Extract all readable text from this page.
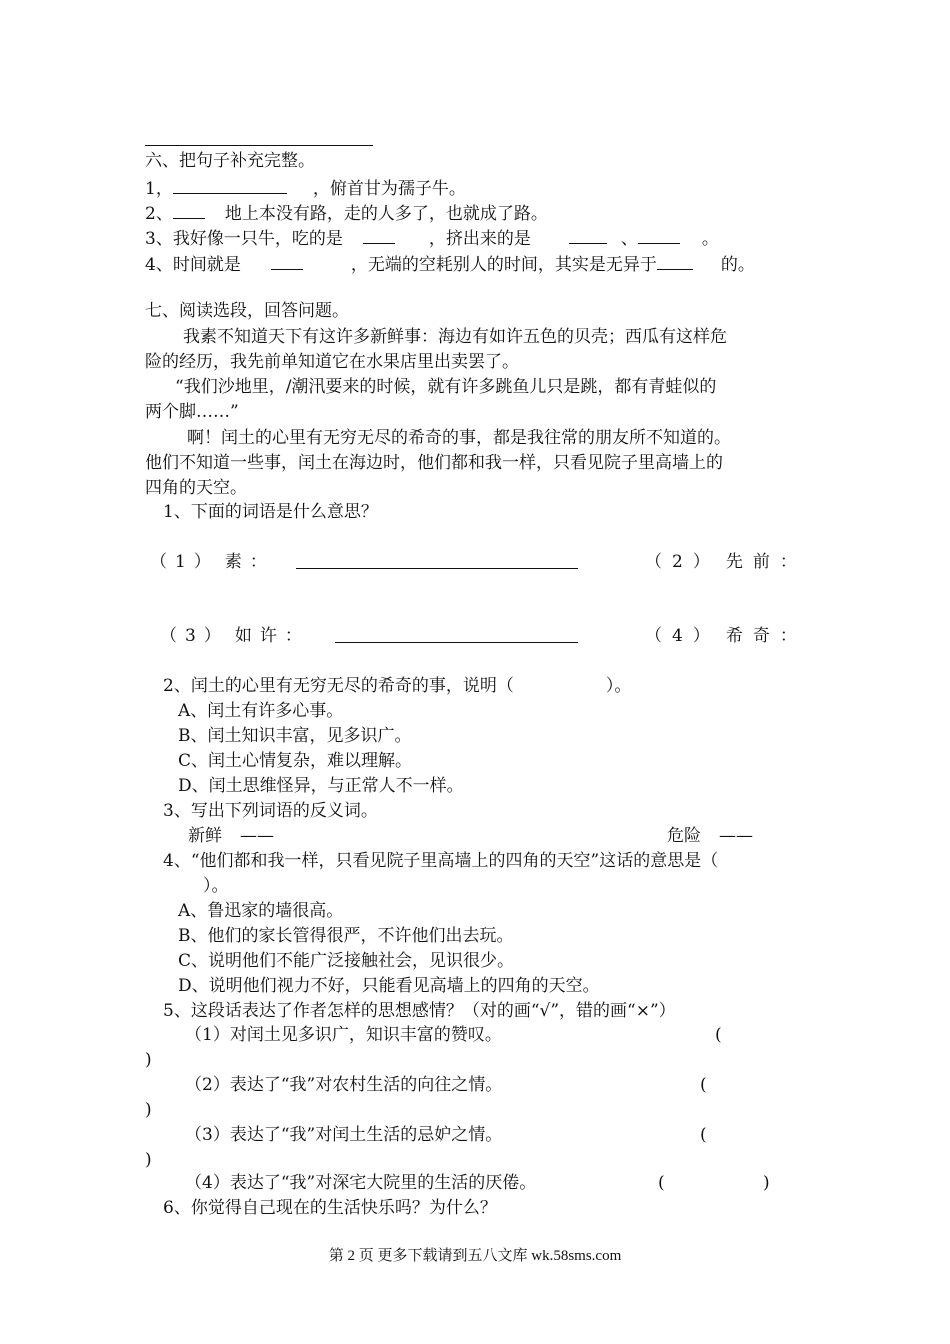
六、把句子补充完整。
1，	，俯首甘为孺子牛。
2、	地上本没有路，走的人多了，也就成了路。
3、我好像一只牛，吃的是	，挤出来的是	、	。
4、时间就是	，无端的空耗别人的时间，其实是无异于	的。
七、阅读选段，回答问题。
我素不知道天下有这许多新鲜事：海边有如许五色的贝壳；西瓜有这样危
险的经历，我先前单知道它在水果店里出卖罢了。
“我们沙地里，/潮汛要来的时候，就有许多跳鱼儿只是跳，都有青蛙似的
两个脚……”
啊！闰土的心里有无穷无尽的希奇的事，都是我往常的朋友所不知道的。
他们不知道一些事，闰土在海边时，他们都和我一样，只看见院子里高墙上的
四角的天空。
1、下面的词语是什么意思？
（1） 素：	（2） 先前：
（3） 如许：	（4） 希奇：
2、闰土的心里有无穷无尽的希奇的事，说明（	）。
A、闰土有许多心事。
B、闰土知识丰富，见多识广。
C、闰土心情复杂，难以理解。
D、闰土思维怪异，与正常人不一样。
3、写出下列词语的反义词。
新鲜 ——	危险 ——
4、“他们都和我一样，只看见院子里高墙上的四角的天空”这话的意思是（
）。
A、鲁迅家的墙很高。
B、他们的家长管得很严，不许他们出去玩。
C、说明他们不能广泛接触社会，见识很少。
D、说明他们视力不好，只能看见高墙上的四角的天空。
5、这段话表达了作者怎样的思想感情？（对的画“√”，错的画“×”）
（1）对闰土见多识广，知识丰富的赞叹。	(
)
（2）表达了“我”对农村生活的向往之情。	(
)
（3）表达了“我”对闰土生活的忌妒之情。	(
)
（4）表达了“我”对深宅大院里的生活的厌倦。	(	)
6、你觉得自己现在的生活快乐吗？为什么？
第 2 页 更多下载请到五八文库 wk.58sms.com
